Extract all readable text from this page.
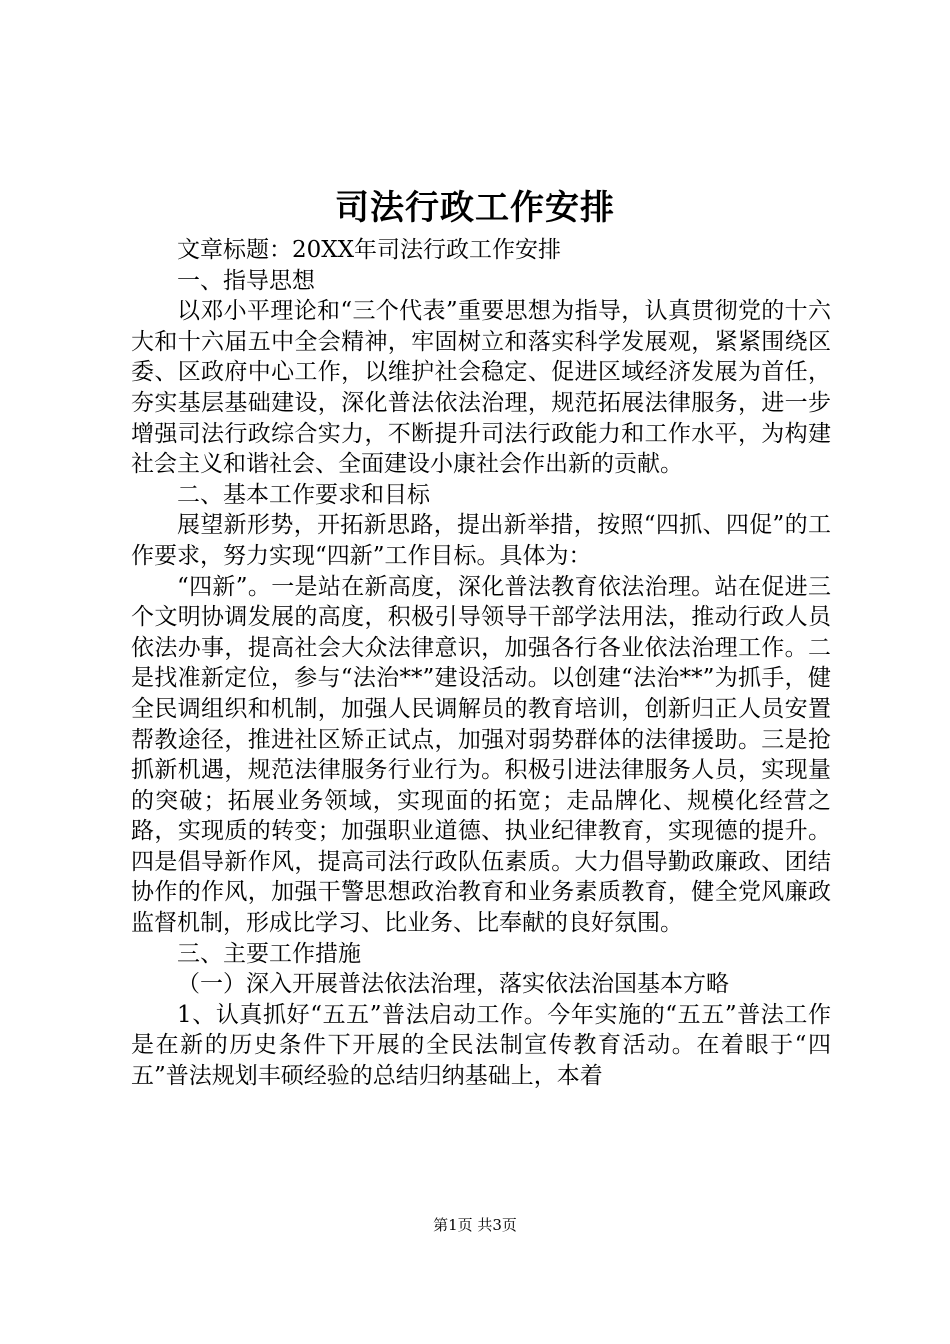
司法行政工作安排

文章标题：20XX年司法行政工作安排

一、指导思想

以邓小平理论和“三个代表”重要思想为指导，认真贯彻党的十六大和十六届五中全会精神，牢固树立和落实科学发展观，紧紧围绕区委、区政府中心工作，以维护社会稳定、促进区域经济发展为首任，夯实基层基础建设，深化普法依法治理，规范拓展法律服务，进一步增强司法行政综合实力，不断提升司法行政能力和工作水平，为构建社会主义和谐社会、全面建设小康社会作出新的贡献。

二、基本工作要求和目标

展望新形势，开拓新思路，提出新举措，按照“四抓、四促”的工作要求，努力实现“四新”工作目标。具体为：

“四新”。一是站在新高度，深化普法教育依法治理。站在促进三个文明协调发展的高度，积极引导领导干部学法用法，推动行政人员依法办事，提高社会大众法律意识，加强各行各业依法治理工作。二是找准新定位，参与“法治**”建设活动。以创建“法治**”为抓手，健全民调组织和机制，加强人民调解员的教育培训，创新归正人员安置帮教途径，推进社区矫正试点，加强对弱势群体的法律援助。三是抢抓新机遇，规范法律服务行业行为。积极引进法律服务人员，实现量的突破；拓展业务领域，实现面的拓宽；走品牌化、规模化经营之路，实现质的转变；加强职业道德、执业纪律教育，实现德的提升。四是倡导新作风，提高司法行政队伍素质。大力倡导勤政廉政、团结协作的作风，加强干警思想政治教育和业务素质教育，健全党风廉政监督机制，形成比学习、比业务、比奉献的良好氛围。

三、主要工作措施

（一）深入开展普法依法治理，落实依法治国基本方略

1、认真抓好“五五”普法启动工作。今年实施的“五五”普法工作是在新的历史条件下开展的全民法制宣传教育活动。在着眼于“四五”普法规划丰硕经验的总结归纳基础上，本着

第1页 共3页
